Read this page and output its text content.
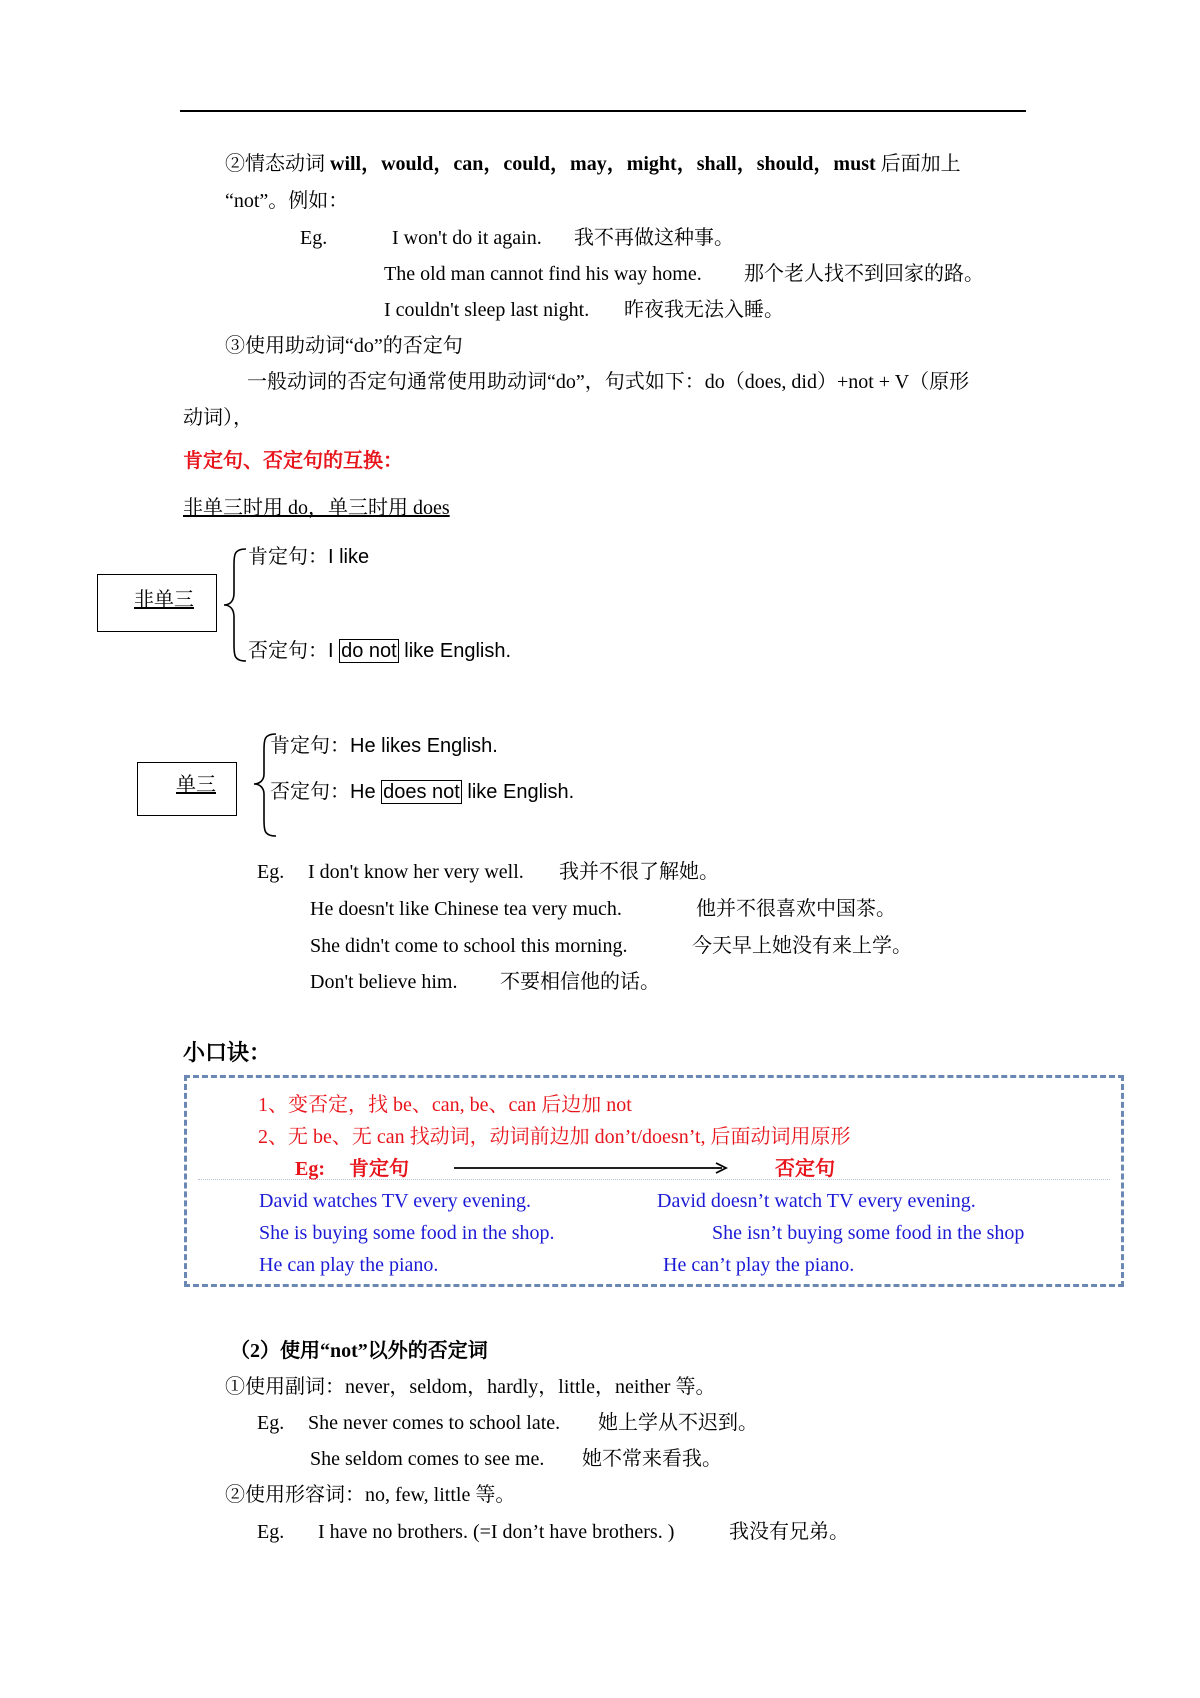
②情态动词 will，would，can，could，may，might，shall，should，must 后面加上
“not”。例如：
Eg.	I won't do it again. 我不再做这种事。
The old man cannot find his way home. 那个老人找不到回家的路。
I couldn't sleep last night. 昨夜我无法入睡。
③使用助动词“do”的否定句
一般动词的否定句通常使用助动词“do”，句式如下：do（does, did）+not + V（原形
动词），
肯定句、否定句的互换：
非单三时用 do，单三时用 does
非单三
肯定句：I like
否定句：I do not like English.
单三
肯定句：He likes English.
否定句：He does not like English.
Eg. I don't know her very well. 我并不很了解她。
He doesn't like Chinese tea very much.	他并不很喜欢中国茶。
She didn't come to school this morning.	今天早上她没有来上学。
Don't believe him. 不要相信他的话。
小口诀：
1、变否定，找 be、can, be、can 后边加 not
2、无 be、无 can 找动词，动词前边加 don’t/doesn’t, 后面动词用原形
Eg: 肯定句	否定句
David watches TV every evening.	David doesn’t watch TV every evening.
She is buying some food in the shop.	She isn’t buying some food in the shop
He can play the piano.	He can’t play the piano.
（2）使用“not”以外的否定词
①使用副词：never，seldom，hardly，little，neither 等。
Eg. She never comes to school late. 她上学从不迟到。
She seldom comes to see me. 她不常来看我。
②使用形容词：no, few, little 等。
Eg. I have no brothers. (=I don’t have brothers. )	我没有兄弟。
